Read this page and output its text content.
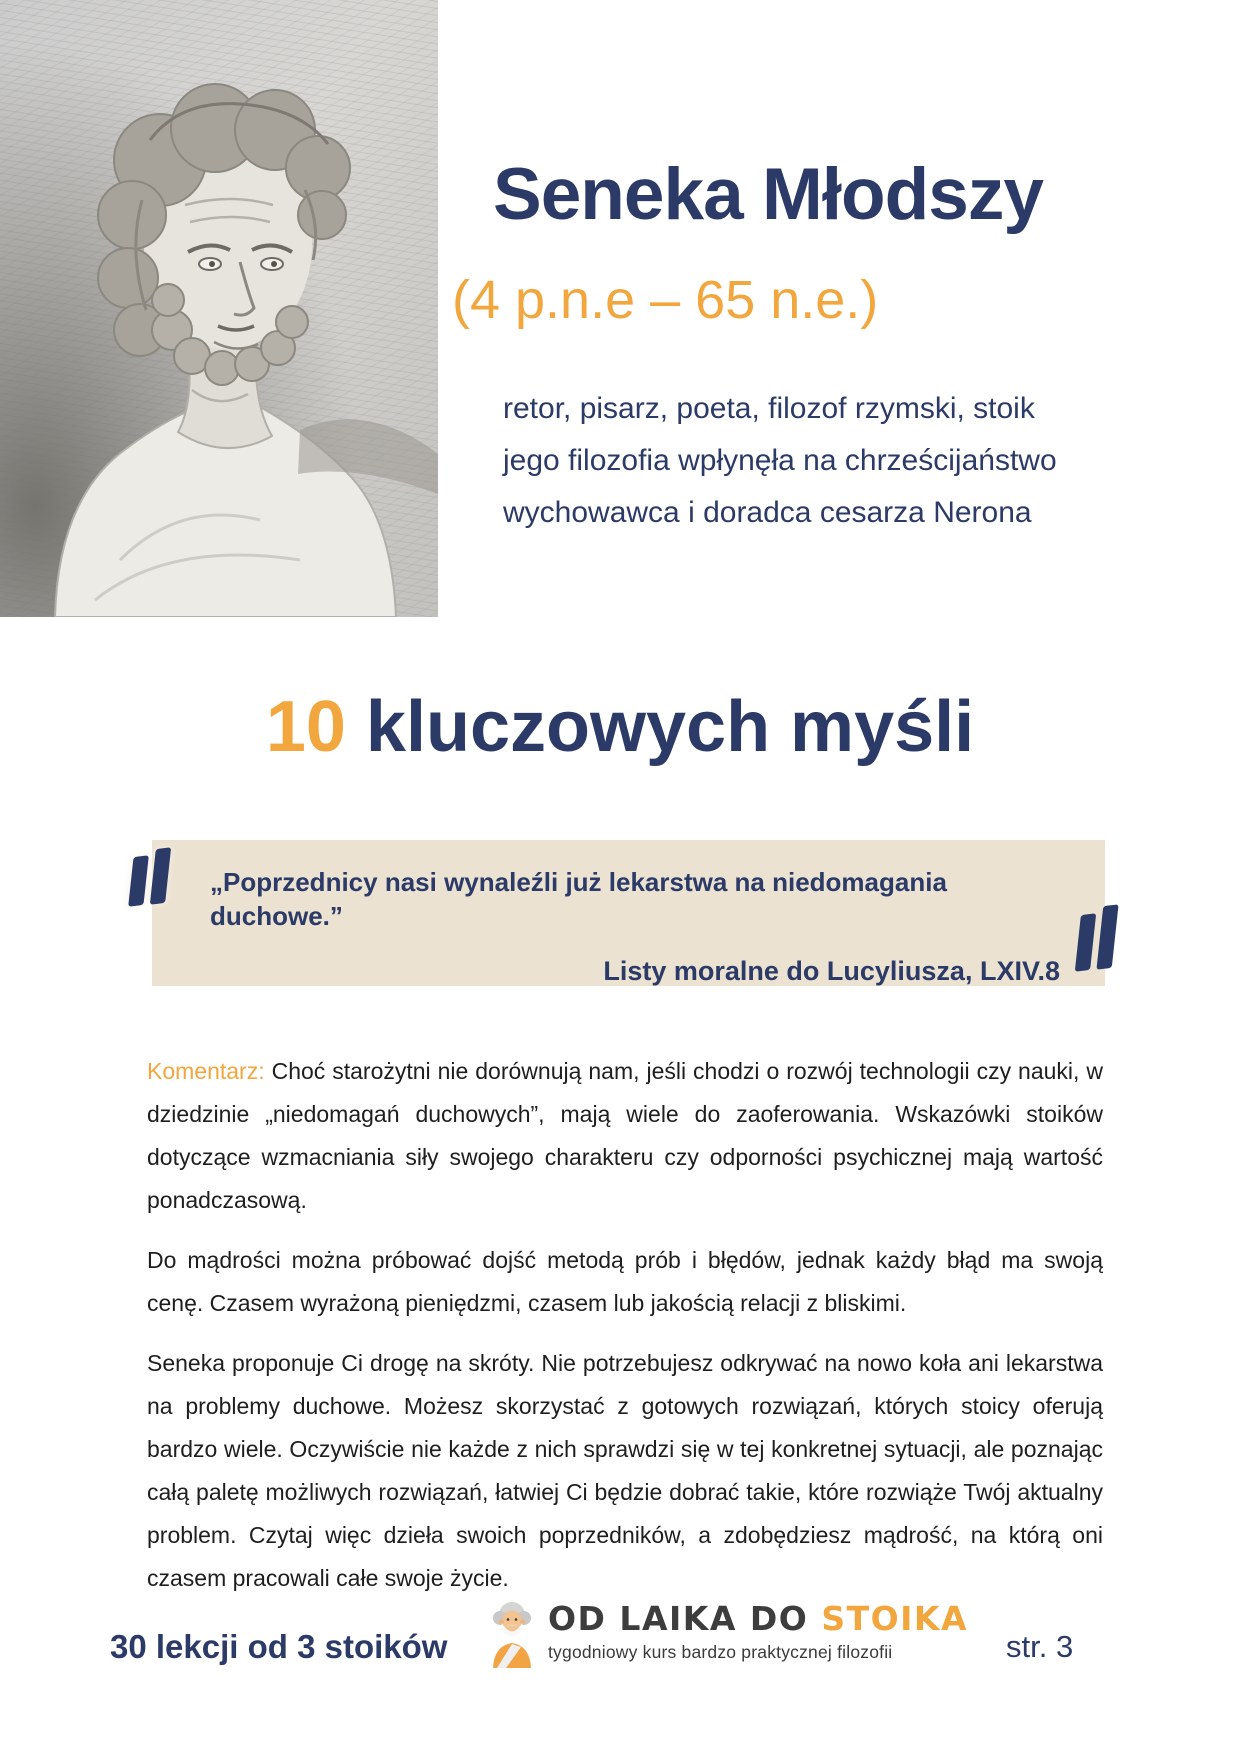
Seneka Młodszy
(4 p.n.e – 65 n.e.)
retor, pisarz, poeta, filozof rzymski, stoik
jego filozofia wpłynęła na chrześcijaństwo
wychowawca i doradca cesarza Nerona
10 kluczowych myśli
„Poprzednicy nasi wynaleźli już lekarstwa na niedomagania duchowe.”
Listy moralne do Lucyliusza, LXIV.8

Komentarz: Choć starożytni nie dorównują nam, jeśli chodzi o rozwój technologii czy nauki, w dziedzinie „niedomagań duchowych”, mają wiele do zaoferowania. Wskazówki stoików dotyczące wzmacniania siły swojego charakteru czy odporności psychicznej mają wartość ponadczasową.

Do mądrości można próbować dojść metodą prób i błędów, jednak każdy błąd ma swoją cenę. Czasem wyrażoną pieniędzmi, czasem lub jakością relacji z bliskimi.

Seneka proponuje Ci drogę na skróty. Nie potrzebujesz odkrywać na nowo koła ani lekarstwa na problemy duchowe. Możesz skorzystać z gotowych rozwiązań, których stoicy oferują bardzo wiele. Oczywiście nie każde z nich sprawdzi się w tej konkretnej sytuacji, ale poznając całą paletę możliwych rozwiązań, łatwiej Ci będzie dobrać takie, które rozwiąże Twój aktualny problem. Czytaj więc dzieła swoich poprzedników, a zdobędziesz mądrość, na którą oni czasem pracowali całe swoje życie.

30 lekcji od 3 stoików
OD LAIKA DO STOIKA
tygodniowy kurs bardzo praktycznej filozofii	str. 3
